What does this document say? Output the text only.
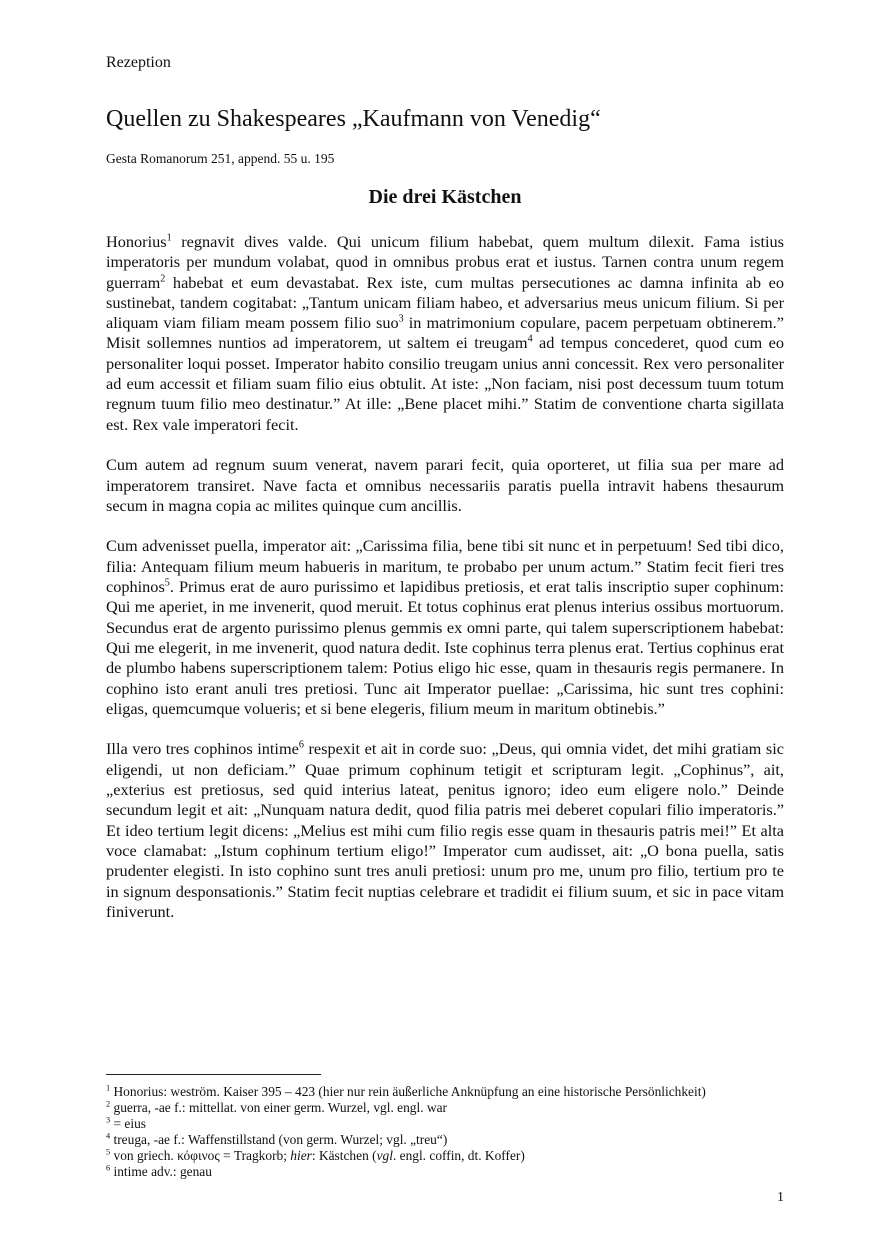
Rezeption

Quellen zu Shakespeares „Kaufmann von Venedig“

Gesta Romanorum 251, append. 55 u. 195

Die drei Kästchen

Honorius$^1$ regnavit dives valde. Qui unicum filium habebat, quem multum dilexit. Fama istius imperatoris per mundum volabat, quod in omnibus probus erat et iustus. Tarnen contra unum regem guerram$^2$ habebat et eum devastabat. Rex iste, cum multas persecutiones ac damna infinita ab eo sustinebat, tandem cogitabat: „Tantum unicam filiam habeo, et adversarius meus unicum filium. Si per aliquam viam filiam meam possem filio suo$^3$ in matrimonium copulare, pacem perpetuam obtinerem.” Misit sollemnes nuntios ad imperatorem, ut saltem ei treugam$^4$ ad tempus concederet, quod cum eo personaliter loqui posset. Imperator habito consilio treugam unius anni concessit. Rex vero personaliter ad eum accessit et filiam suam filio eius obtulit. At iste: „Non faciam, nisi post decessum tuum totum regnum tuum filio meo destinatur.” At ille: „Bene placet mihi.” Statim de conventione charta sigillata est. Rex vale imperatori fecit.

Cum autem ad regnum suum venerat, navem parari fecit, quia oporteret, ut filia sua per mare ad imperatorem transiret. Nave facta et omnibus necessariis paratis puella intravit habens thesaurum secum in magna copia ac milites quinque cum ancillis.

Cum advenisset puella, imperator ait: „Carissima filia, bene tibi sit nunc et in perpetuum! Sed tibi dico, filia: Antequam filium meum habueris in maritum, te probabo per unum actum.” Statim fecit fieri tres cophinos$^5$. Primus erat de auro purissimo et lapidibus pretiosis, et erat talis inscriptio super cophinum: Qui me aperiet, in me invenerit, quod meruit. Et totus cophinus erat plenus interius ossibus mortuorum. Secundus erat de argento purissimo plenus gemmis ex omni parte, qui talem superscriptionem habebat: Qui me elegerit, in me invenerit, quod natura dedit. Iste cophinus terra plenus erat. Tertius cophinus erat de plumbo habens superscriptionem talem: Potius eligo hic esse, quam in thesauris regis permanere. In cophino isto erant anuli tres pretiosi. Tunc ait Imperator puellae: „Carissima, hic sunt tres cophini: eligas, quemcumque volueris; et si bene elegeris, filium meum in maritum obtinebis.”

Illa vero tres cophinos intime$^6$ respexit et ait in corde suo: „Deus, qui omnia videt, det mihi gratiam sic eligendi, ut non deficiam.” Quae primum cophinum tetigit et scripturam legit. „Cophinus”, ait, „exterius est pretiosus, sed quid interius lateat, penitus ignoro; ideo eum eligere nolo.” Deinde secundum legit et ait: „Nunquam natura dedit, quod filia patris mei deberet copulari filio imperatoris.” Et ideo tertium legit dicens: „Melius est mihi cum filio regis esse quam in thesauris patris mei!” Et alta voce clamabat: „Istum cophinum tertium eligo!” Imperator cum audisset, ait: „O bona puella, satis prudenter elegisti. In isto cophino sunt tres anuli pretiosi: unum pro me, unum pro filio, tertium pro te in signum desponsationis.” Statim fecit nuptias celebrare et tradidit ei filium suum, et sic in pace vitam finiverunt.

$^1$ Honorius: weström. Kaiser 395 – 423 (hier nur rein äußerliche Anknüpfung an eine historische Persönlichkeit)

$^2$ guerra, -ae f.: mittellat. von einer germ. Wurzel, vgl. engl. war

$^3$ = eius

$^4$ treuga, -ae f.: Waffenstillstand (von germ. Wurzel; vgl. „treu“)

$^5$ von griech. κόφινος = Tragkorb; hier: Kästchen (vgl. engl. coffin, dt. Koffer)

$^6$ intime adv.: genau

1
